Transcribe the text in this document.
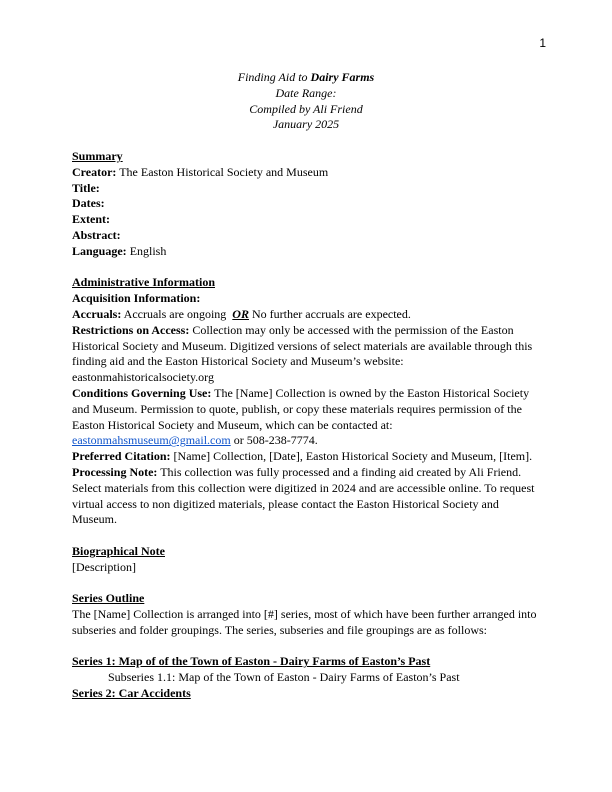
1

Finding Aid to Dairy Farms

Date Range:

Compiled by Ali Friend

January 2025

Summary

Creator: The Easton Historical Society and Museum

Title:

Dates:

Extent:

Abstract:

Language: English

Administrative Information

Acquisition Information:

Accruals: Accruals are ongoing  OR No further accruals are expected.

Restrictions on Access: Collection may only be accessed with the permission of the Easton Historical Society and Museum. Digitized versions of select materials are available through this finding aid and the Easton Historical Society and Museum’s website: eastonmahistoricalsociety.org

Conditions Governing Use: The [Name] Collection is owned by the Easton Historical Society and Museum. Permission to quote, publish, or copy these materials requires permission of the Easton Historical Society and Museum, which can be contacted at: eastonmahsmuseum@gmail.com or 508-238-7774.

Preferred Citation: [Name] Collection, [Date], Easton Historical Society and Museum, [Item].

Processing Note: This collection was fully processed and a finding aid created by Ali Friend. Select materials from this collection were digitized in 2024 and are accessible online. To request virtual access to non digitized materials, please contact the Easton Historical Society and Museum.

Biographical Note

[Description]

Series Outline

The [Name] Collection is arranged into [#] series, most of which have been further arranged into subseries and folder groupings. The series, subseries and file groupings are as follows:

Series 1: Map of of the Town of Easton - Dairy Farms of Easton’s Past

Subseries 1.1: Map of the Town of Easton - Dairy Farms of Easton’s Past

Series 2: Car Accidents
